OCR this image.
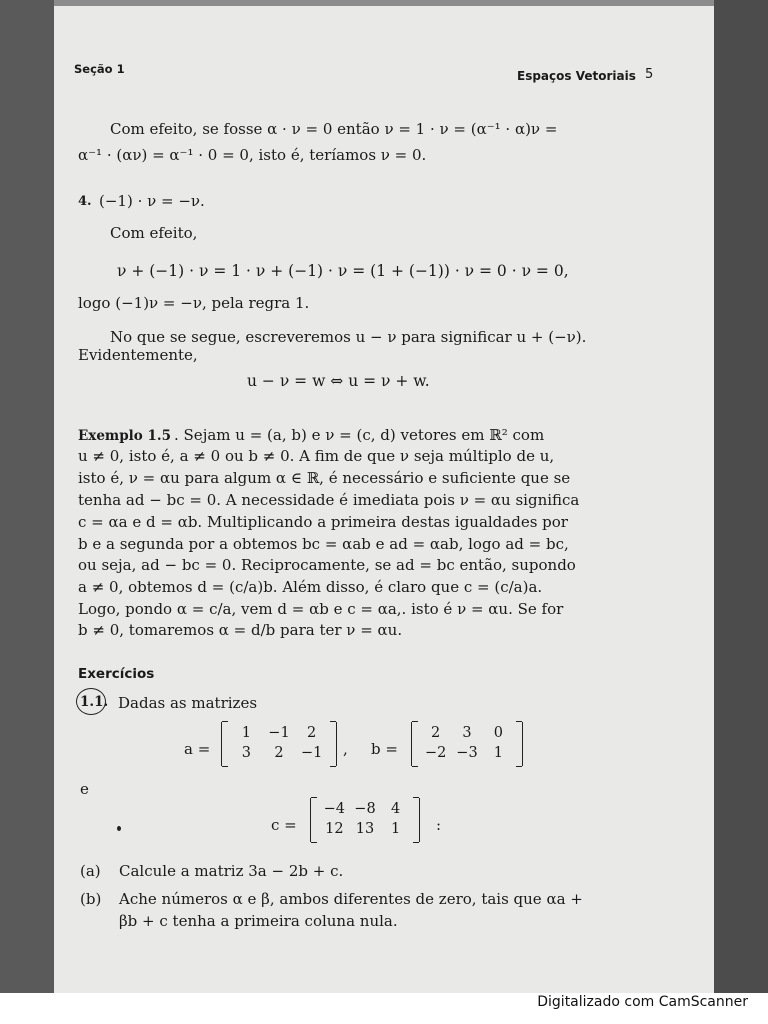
Seção 1	Espaços Vetoriais 5
Com efeito, se fosse α · ν = 0 então ν = 1 · ν = (α⁻¹ · α)ν =
α⁻¹ · (αν) = α⁻¹ · 0 = 0, isto é, teríamos ν = 0.
4. (−1) · ν = −ν.
Com efeito,
ν + (−1) · ν = 1 · ν + (−1) · ν = (1 + (−1)) · ν = 0 · ν = 0,
logo (−1)ν = −ν, pela regra 1.
No que se segue, escreveremos u − ν para significar u + (−ν).
Evidentemente,
u − ν = w ⇔ u = ν + w.
Exemplo 1.5 . Sejam u = (a, b) e ν = (c, d) vetores em ℝ² com
u ≠ 0, isto é, a ≠ 0 ou b ≠ 0. A fim de que ν seja múltiplo de u,
isto é, ν = αu para algum α ∈ ℝ, é necessário e suficiente que se
tenha ad − bc = 0. A necessidade é imediata pois ν = αu significa
c = αa e d = αb. Multiplicando a primeira destas igualdades por
b e a segunda por a obtemos bc = αab e ad = αab, logo ad = bc,
ou seja, ad − bc = 0. Reciprocamente, se ad = bc então, supondo
a ≠ 0, obtemos d = (c/a)b. Além disso, é claro que c = (c/a)a.
Logo, pondo α = c/a, vem d = αb e c = αa,. isto é ν = αu. Se for
b ≠ 0, tomaremos α = d/b para ter ν = αu.
Exercícios
1.1. Dadas as matrizes
a =
1	−1	2
3	2	−1	, b =
2	3	0
−2 −3	1
e
c =
−4 −8	4
12 13	1	:
(a) Calcule a matriz 3a − 2b + c.
(b) Ache números α e β, ambos diferentes de zero, tais que αa +
βb + c tenha a primeira coluna nula.
Digitalizado com CamScanner
